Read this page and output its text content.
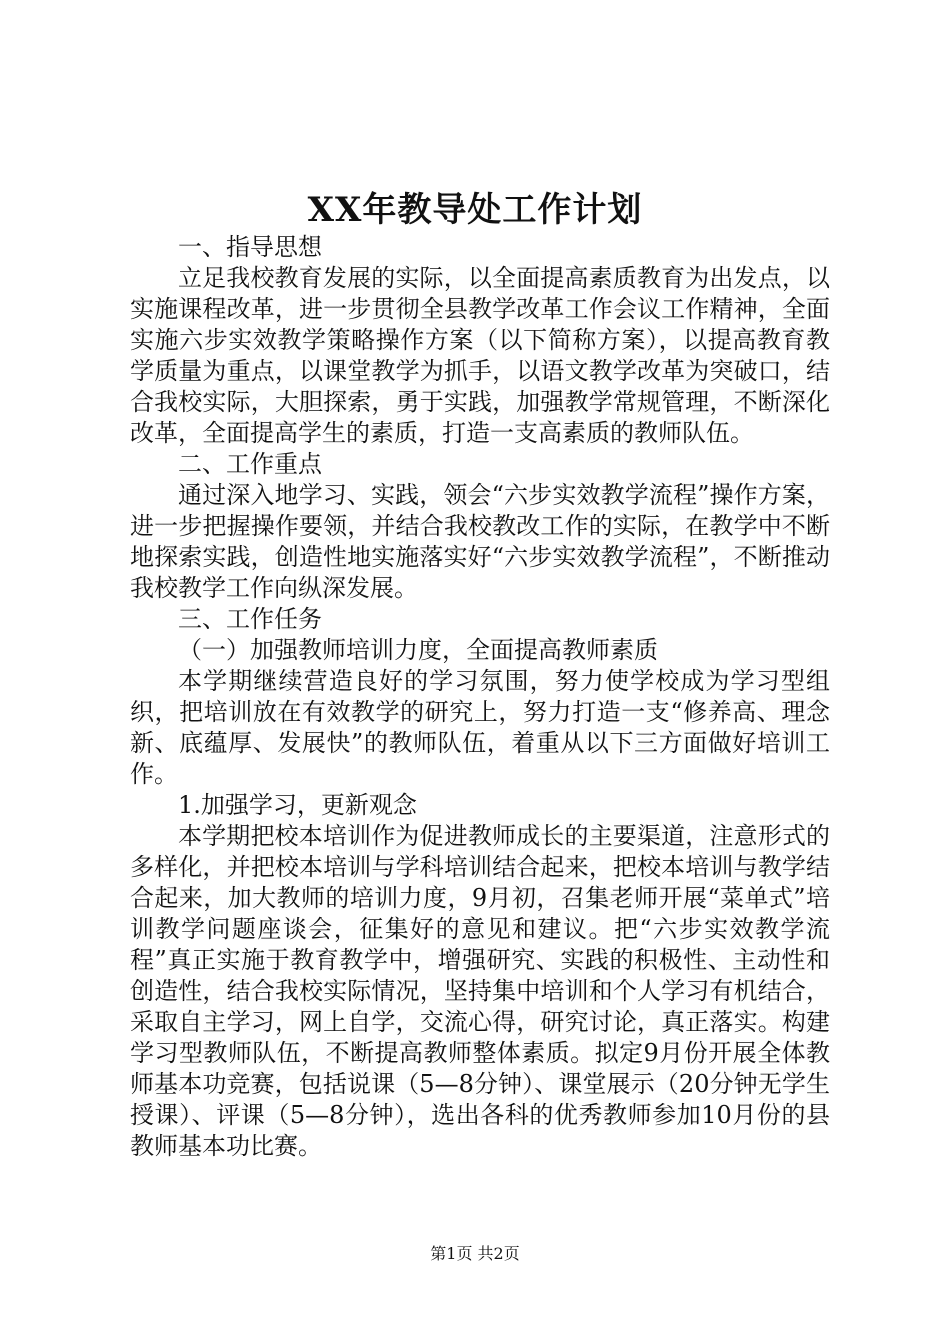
XX年教导处工作计划

一、指导思想

立足我校教育发展的实际，以全面提高素质教育为出发点，以实施课程改革，进一步贯彻全县教学改革工作会议工作精神，全面实施六步实效教学策略操作方案（以下简称方案），以提高教育教学质量为重点，以课堂教学为抓手，以语文教学改革为突破口，结合我校实际，大胆探索，勇于实践，加强教学常规管理，不断深化改革，全面提高学生的素质，打造一支高素质的教师队伍。

二、工作重点

通过深入地学习、实践，领会“六步实效教学流程”操作方案，进一步把握操作要领，并结合我校教改工作的实际，在教学中不断地探索实践，创造性地实施落实好“六步实效教学流程”，不断推动我校教学工作向纵深发展。

三、工作任务

（一）加强教师培训力度，全面提高教师素质

本学期继续营造良好的学习氛围，努力使学校成为学习型组织，把培训放在有效教学的研究上，努力打造一支“修养高、理念新、底蕴厚、发展快”的教师队伍，着重从以下三方面做好培训工作。

1.加强学习，更新观念

本学期把校本培训作为促进教师成长的主要渠道，注意形式的多样化，并把校本培训与学科培训结合起来，把校本培训与教学结合起来，加大教师的培训力度，9月初，召集老师开展“菜单式”培训教学问题座谈会，征集好的意见和建议。把“六步实效教学流程”真正实施于教育教学中，增强研究、实践的积极性、主动性和创造性，结合我校实际情况，坚持集中培训和个人学习有机结合，采取自主学习，网上自学，交流心得，研究讨论，真正落实。构建学习型教师队伍，不断提高教师整体素质。拟定9月份开展全体教师基本功竞赛，包括说课（5—8分钟）、课堂展示（20分钟无学生授课）、评课（5—8分钟），选出各科的优秀教师参加10月份的县教师基本功比赛。

第1页 共2页
